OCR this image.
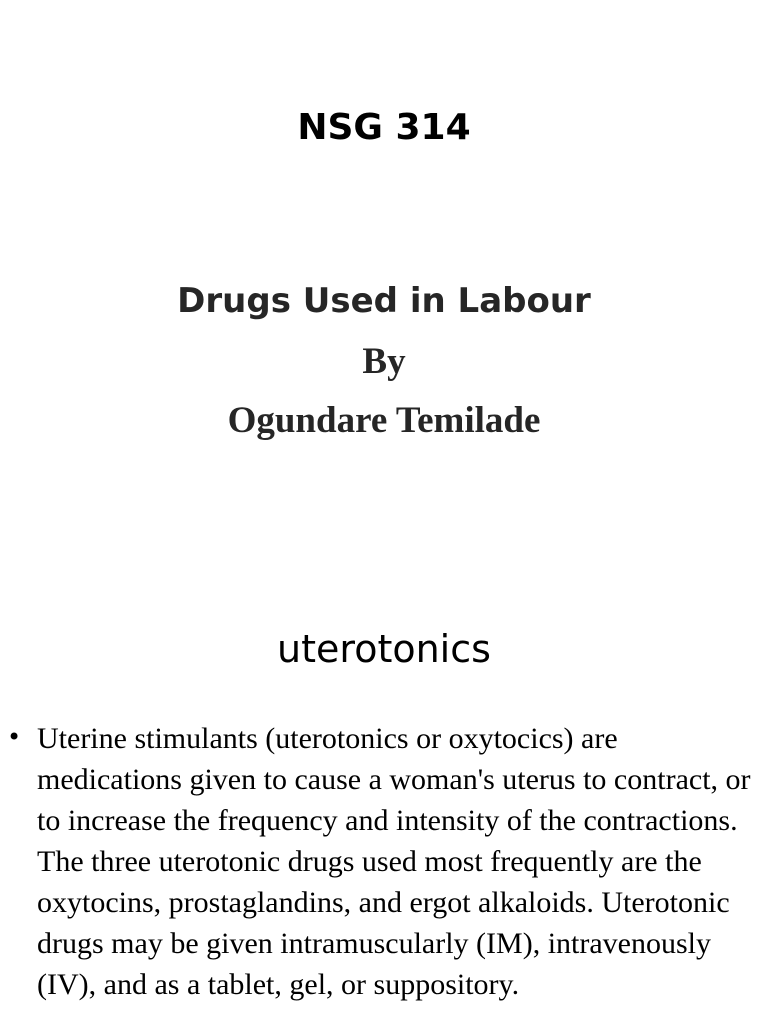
NSG 314
Drugs Used in Labour
By
Ogundare Temilade
uterotonics
• Uterine stimulants (uterotonics or oxytocics) are medications given to cause a woman's uterus to contract, or to increase the frequency and intensity of the contractions. The three uterotonic drugs used most frequently are the oxytocins, prostaglandins, and ergot alkaloids. Uterotonic drugs may be given intramuscularly (IM), intravenously (IV), and as a tablet, gel, or suppository.
